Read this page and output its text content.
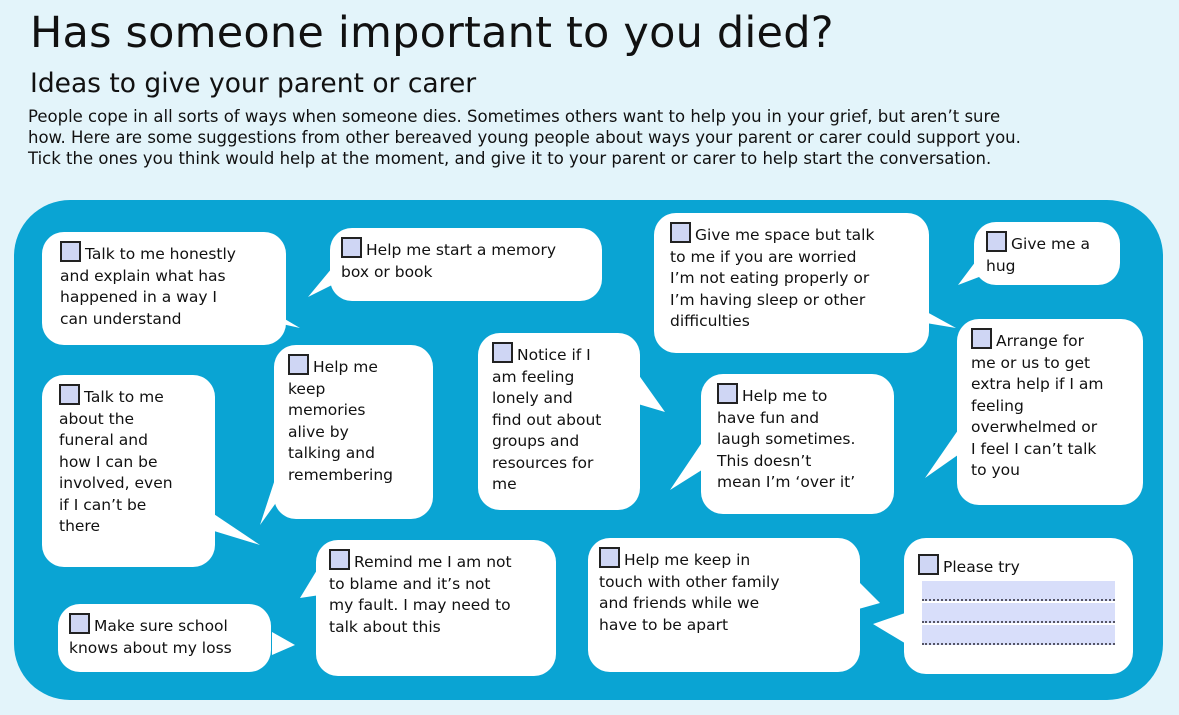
Has someone important to you died?
Ideas to give your parent or carer

People cope in all sorts of ways when someone dies. Sometimes others want to help you in your grief, but aren’t sure
how. Here are some suggestions from other bereaved young people about ways your parent or carer could support you.
Tick the ones you think would help at the moment, and give it to your parent or carer to help start the conversation.

Talk to me honestly
and explain what has
happened in a way I
can understand
Help me start a memory
box or book
Give me space but talk
to me if you are worried
I’m not eating properly or
I’m having sleep or other
difficulties
Give me a
hug
Talk to me
about the
funeral and
how I can be
involved, even
if I can’t be
there
Help me
keep
memories
alive by
talking and
remembering
Notice if I
am feeling
lonely and
find out about
groups and
resources for
me
Help me to
have fun and
laugh sometimes.
This doesn’t
mean I’m ‘over it’
Arrange for
me or us to get
extra help if I am
feeling
overwhelmed or
I feel I can’t talk
to you
Remind me I am not
to blame and it’s not
my fault. I may need to
talk about this
Help me keep in
touch with other family
and friends while we
have to be apart
Make sure school
knows about my loss
Please try
